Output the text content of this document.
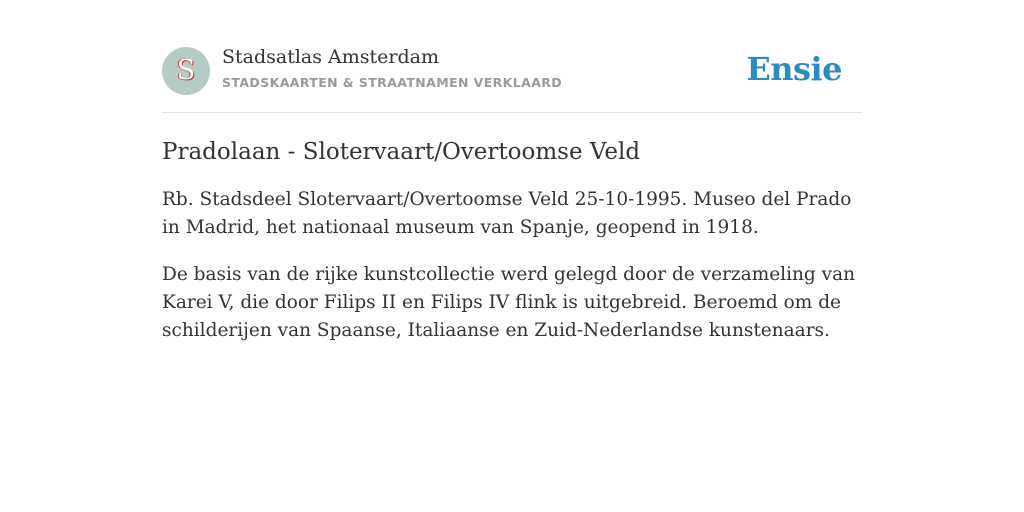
S Stadsatlas Amsterdam
STADSKAARTEN & STRAATNAMEN VERKLAARD	Ensie
Pradolaan - Slotervaart/Overtoomse Veld

Rb. Stadsdeel Slotervaart/Overtoomse Veld 25-10-1995. Museo del Prado in Madrid, het nationaal museum van Spanje, geopend in 1918.

De basis van de rijke kunstcollectie werd gelegd door de verzameling van Karei V, die door Filips II en Filips IV flink is uitgebreid. Beroemd om de schilderijen van Spaanse, Italiaanse en Zuid-Nederlandse kunstenaars.
